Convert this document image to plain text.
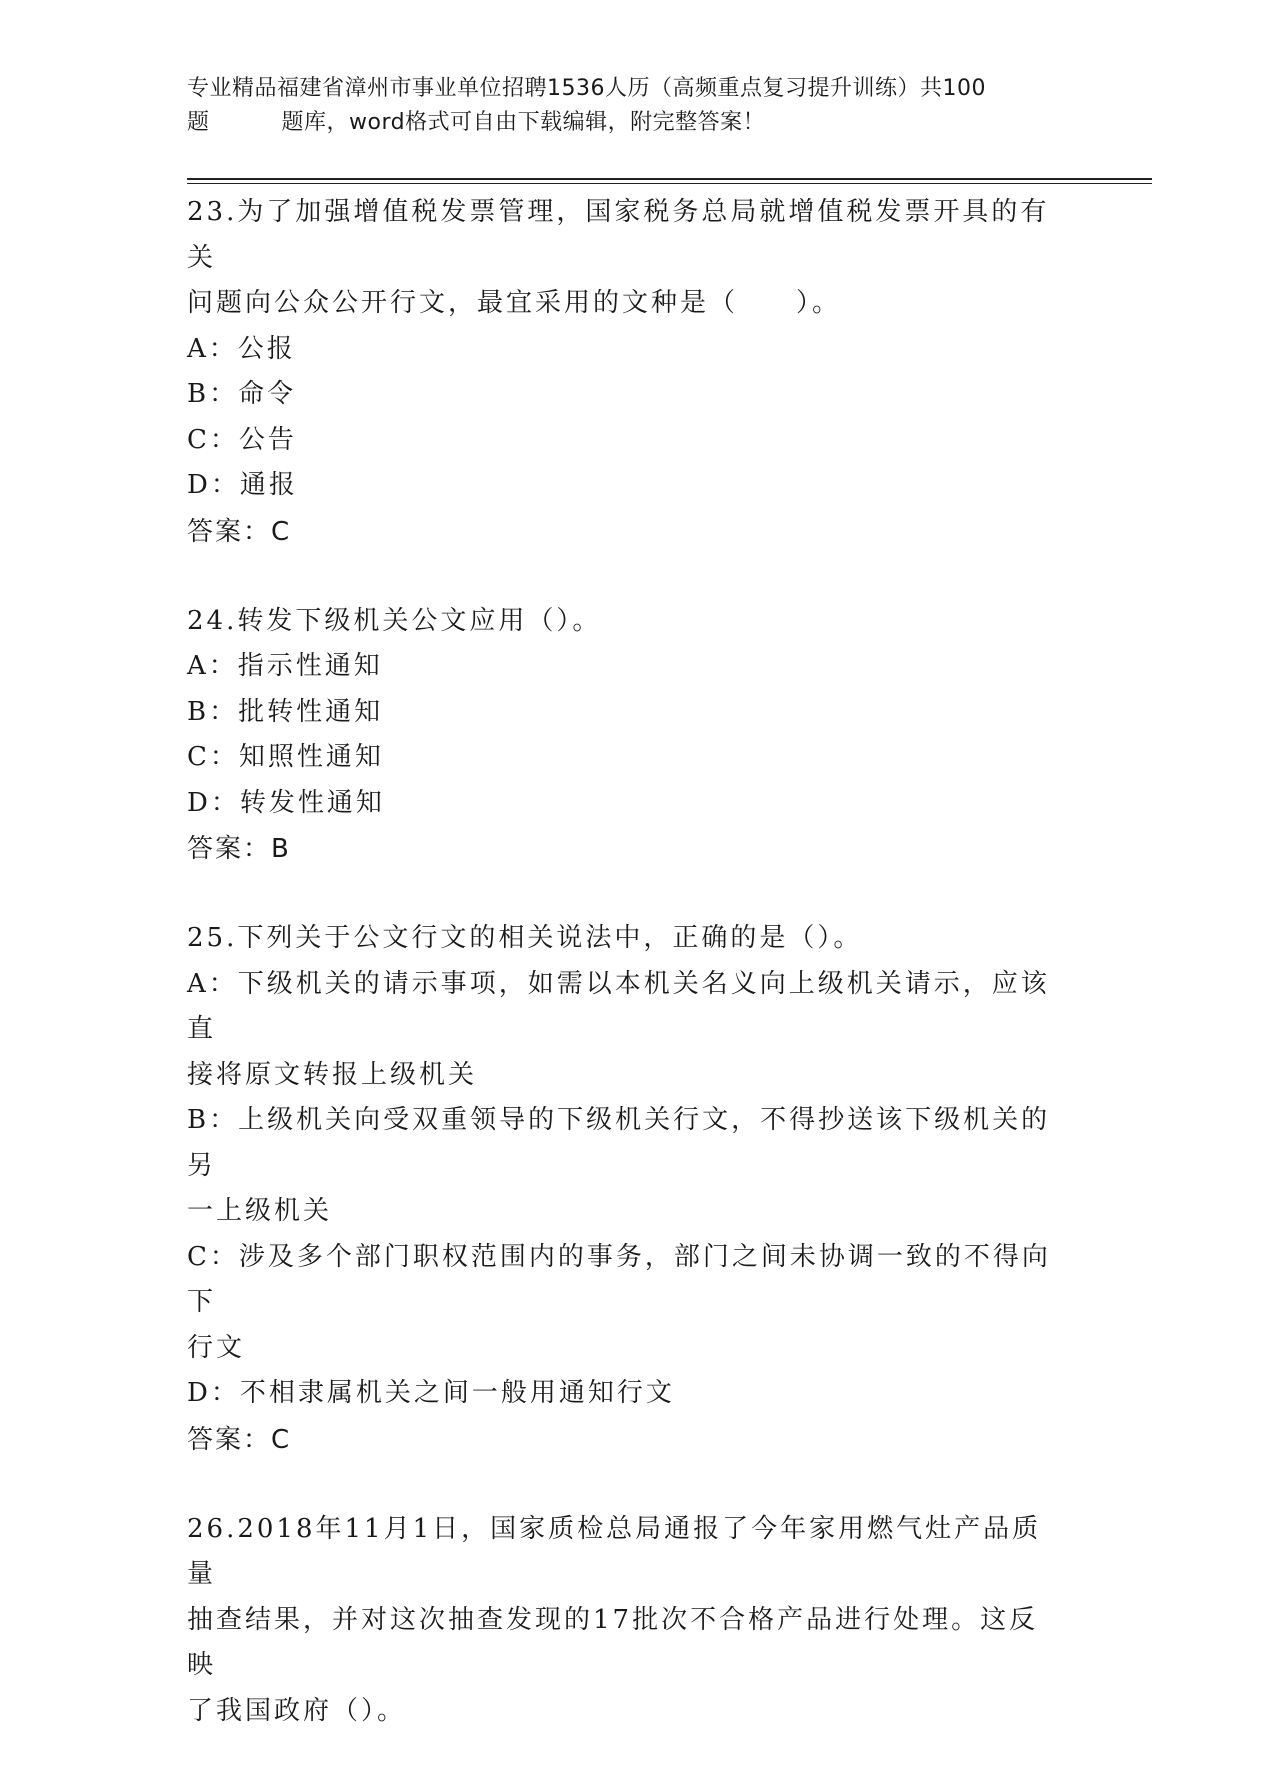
专业精品福建省漳州市事业单位招聘1536人历（高频重点复习提升训练）共100
题	题库，word格式可自由下载编辑，附完整答案！
23.为了加强增值税发票管理，国家税务总局就增值税发票开具的有关
问题向公众公开行文，最宜采用的文种是（　　）。
A：公报
B：命令
C：公告
D：通报
答案：C
24.转发下级机关公文应用（）。
A：指示性通知
B：批转性通知
C：知照性通知
D：转发性通知
答案：B
25.下列关于公文行文的相关说法中，正确的是（）。
A：下级机关的请示事项，如需以本机关名义向上级机关请示，应该直
接将原文转报上级机关
B：上级机关向受双重领导的下级机关行文，不得抄送该下级机关的另
一上级机关
C：涉及多个部门职权范围内的事务，部门之间未协调一致的不得向下
行文
D：不相隶属机关之间一般用通知行文
答案：C
26.2018年11月1日，国家质检总局通报了今年家用燃气灶产品质量
抽查结果，并对这次抽查发现的17批次不合格产品进行处理。这反映
了我国政府（）。
